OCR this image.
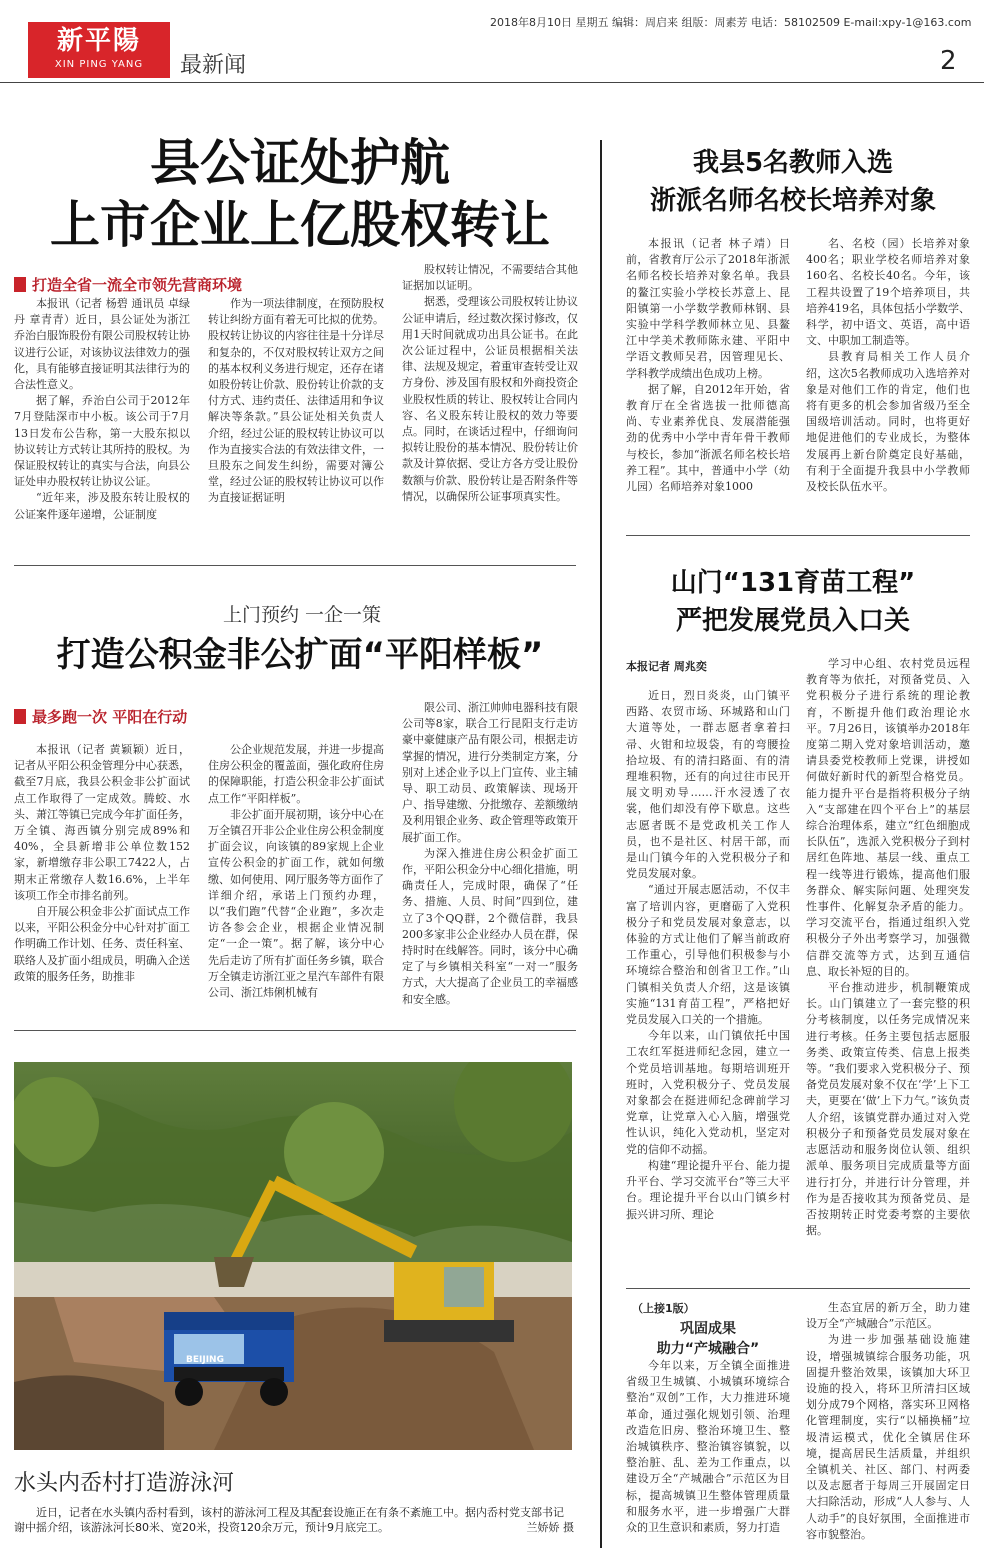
新平陽
XIN PING YANG	最新闻
2018年8月10日 星期五 编辑：周启来 组版：周素芳 电话：58102509 E-mail:xpy-1@163.com
2
县公证处护航
上市企业上亿股权转让
打造全省一流全市领先营商环境

本报讯（记者 杨碧 通讯员 卓绿丹 章青青）近日，县公证处为浙江乔治白服饰股份有限公司股权转让协议进行公证，对该协议法律效力的强化，具有能够直接证明其法律行为的合法性意义。

据了解，乔治白公司于2012年7月登陆深市中小板。该公司于7月13日发布公告称，第一大股东拟以协议转让方式转让其所持的股权。为保证股权转让的真实与合法，向县公证处申办股权转让协议公证。

“近年来，涉及股东转让股权的公证案件逐年递增，公证制度

作为一项法律制度，在预防股权转让纠纷方面有着无可比拟的优势。股权转让协议的内容往往是十分详尽和复杂的，不仅对股权转让双方之间的基本权利义务进行规定，还存在诸如股份转让价款、股份转让价款的支付方式、违约责任、法律适用和争议解决等条款。”县公证处相关负责人介绍，经过公证的股权转让协议可以作为直接实合法的有效法律文件，一旦股东之间发生纠纷，需要对簿公堂，经过公证的股权转让协议可以作为直接证据证明

股权转让情况，不需要结合其他证据加以证明。

据悉，受理该公司股权转让协议公证申请后，经过数次探讨修改，仅用1天时间就成功出具公证书。在此次公证过程中，公证员根据相关法律、法规及规定，着重审查转受让双方身份、涉及国有股权和外商投资企业股权性质的转让、股权转让合同内容、名义股东转让股权的效力等要点。同时，在谈话过程中，仔细询问拟转让股份的基本情况、股份转让价款及计算依据、受让方各方受让股份数额与价款、股份转让是否附条件等情况，以确保所公证事项真实性。

上门预约 一企一策
打造公积金非公扩面“平阳样板”
最多跑一次 平阳在行动

本报讯（记者 黄颖颖）近日，记者从平阳公积金管理分中心获悉，截至7月底，我县公积金非公扩面试点工作取得了一定成效。腾蛟、水头、萧江等镇已完成今年扩面任务，万全镇、海西镇分别完成89%和40%，全县新增非公单位数152家，新增缴存非公职工7422人，占期末正常缴存人数16.6%，上半年该项工作全市排名前列。

自开展公积金非公扩面试点工作以来，平阳公积金分中心针对扩面工作明确工作计划、任务、责任科室、联络人及扩面小组成员，明确入企送政策的服务任务，助推非

公企业规范发展，并进一步提高住房公积金的覆盖面，强化政府住房的保障职能，打造公积金非公扩面试点工作“平阳样板”。

非公扩面开展初期，该分中心在万全镇召开非公企业住房公积金制度扩面会议，向该镇的89家规上企业宣传公积金的扩面工作，就如何缴缴、如何使用、网厅服务等方面作了详细介绍，承诺上门预约办理，以“我们跑”代替“企业跑”，多次走访各参会企业，根据企业情况制定“一企一策”。据了解，该分中心先后走访了所有扩面任务乡镇，联合万全镇走访浙江亚之星汽车部件有限公司、浙江炜俐机械有

限公司、浙江帅帅电器科技有限公司等8家，联合工行昆阳支行走访豪中豪健康产品有限公司，根据走访掌握的情况，进行分类制定方案，分别对上述企业予以上门宣传、业主辅导、职工动员、政策解读、现场开户、指导建缴、分批缴存、差额缴纳及利用银企业务、政企管理等政策开展扩面工作。

为深入推进住房公积金扩面工作，平阳公积金分中心细化措施，明确责任人，完成时限，确保了“任务、措施、人员、时间”四到位，建立了3个QQ群，2个微信群，我县200多家非公企业经办人员在群，保持时时在线解答。同时，该分中心确定了与乡镇相关科室“一对一”服务方式，大大提高了企业员工的幸福感和安全感。

BEIJING
水头内岙村打造游泳河
近日，记者在水头镇内岙村看到，该村的游泳河工程及其配套设施正在有条不紊施工中。据内岙村党支部书记谢中摇介绍，该游泳河长80米、宽20米，投资120余万元，预计9月底完工。	兰娇娇 摄
我县5名教师入选
浙派名师名校长培养对象

本报讯（记者 林子靖）日前，省教育厅公示了2018年浙派名师名校长培养对象名单。我县的鳌江实验小学校长苏意上、昆阳镇第一小学数学教师林钢、县实验中学科学教师林立见、县鳌江中学美术教师陈永建、平阳中学语文教师吴君，因管理见长、学科教学成绩出色成功上榜。

据了解，自2012年开始，省教育厅在全省选拔一批师德高尚、专业素养优良、发展潜能强劲的优秀中小学中青年骨干教师与校长，参加“浙派名师名校长培养工程”。其中，普通中小学（幼儿园）名师培养对象1000

名、名校（园）长培养对象400名；职业学校名师培养对象160名、名校长40名。今年，该工程共设置了19个培养项目，共培养419名，具体包括小学数学、科学，初中语文、英语，高中语文、中职加工制造等。

县教育局相关工作人员介绍，这次5名教师成功入选培养对象是对他们工作的肯定，他们也将有更多的机会参加省级乃至全国级培训活动。同时，也将更好地促进他们的专业成长，为整体发展再上新台阶奠定良好基础，有利于全面提升我县中小学教师及校长队伍水平。

山门“131育苗工程”
严把发展党员入口关
本报记者 周兆奕

近日，烈日炎炎，山门镇平西路、农贸市场、环城路和山门大道等处，一群志愿者拿着扫帚、火钳和垃圾袋，有的弯腰捡拾垃圾、有的清扫路面、有的清理堆积物，还有的向过往市民开展文明劝导……汗水浸透了衣裳，他们却没有停下歇息。这些志愿者既不是党政机关工作人员，也不是社区、村居干部，而是山门镇今年的入党积极分子和党员发展对象。

“通过开展志愿活动，不仅丰富了培训内容，更磨砺了入党积极分子和党员发展对象意志，以体验的方式让他们了解当前政府工作重心，引导他们积极参与小环境综合整治和创省卫工作。”山门镇相关负责人介绍，这是该镇实施“131育苗工程”，严格把好党员发展入口关的一个措施。

今年以来，山门镇依托中国工农红军挺进师纪念园，建立一个党员培训基地。每期培训班开班时，入党积极分子、党员发展对象都会在挺进师纪念碑前学习党章，让党章入心入脑，增强党性认识，纯化入党动机，坚定对党的信仰不动摇。

构建“理论提升平台、能力提升平台、学习交流平台”等三大平台。理论提升平台以山门镇乡村振兴讲习所、理论

学习中心组、农村党员远程教育等为依托，对预备党员、入党积极分子进行系统的理论教育，不断提升他们政治理论水平。7月26日，该镇举办2018年度第二期入党对象培训活动，邀请县委党校教师上党课，讲授如何做好新时代的新型合格党员。能力提升平台是指将积极分子纳入“支部建在四个平台上”的基层综合治理体系，建立“红色细胞成长队伍”，选派入党积极分子到村居红色阵地、基层一线、重点工程一线等进行锻炼，提高他们服务群众、解实际问题、处理突发性事件、化解复杂矛盾的能力。学习交流平台，指通过组织入党积极分子外出考察学习，加强微信群交流等方式，达到互通信息、取长补短的目的。

平台推动进步，机制鞭策成长。山门镇建立了一套完整的积分考核制度，以任务完成情况来进行考核。任务主要包括志愿服务类、政策宣传类、信息上报类等。“我们要求入党积极分子、预备党员发展对象不仅在‘学’上下工夫，更要在‘做’上下力气。”该负责人介绍，该镇党群办通过对入党积极分子和预备党员发展对象在志愿活动和服务岗位认领、组织派单、服务项目完成质量等方面进行打分，并进行计分管理，并作为是否接收其为预备党员、是否按期转正时党委考察的主要依据。

（上接1版）
巩固成果
助力“产城融合”

今年以来，万全镇全面推进省级卫生城镇、小城镇环境综合整治“双创”工作，大力推进环境革命，通过强化规划引领、治理改造危旧房、整治环境卫生、整治城镇秩序、整治镇容镇貌，以整治脏、乱、差为工作重点，以建设万全“产城融合”示范区为目标，提高城镇卫生整体管理质量和服务水平，进一步增强广大群众的卫生意识和素质，努力打造

生态宜居的新万全，助力建设万全“产城融合”示范区。

为进一步加强基础设施建设，增强城镇综合服务功能，巩固提升整治效果，该镇加大环卫设施的投入，将环卫所清扫区域划分成79个网格，落实环卫网格化管理制度，实行“以桶换桶”垃圾清运模式，优化全镇居住环境，提高居民生活质量，并组织全镇机关、社区、部门、村两委以及志愿者于每周三开展固定日大扫除活动，形成“人人参与、人人动手”的良好氛围，全面推进市容市貌整治。
